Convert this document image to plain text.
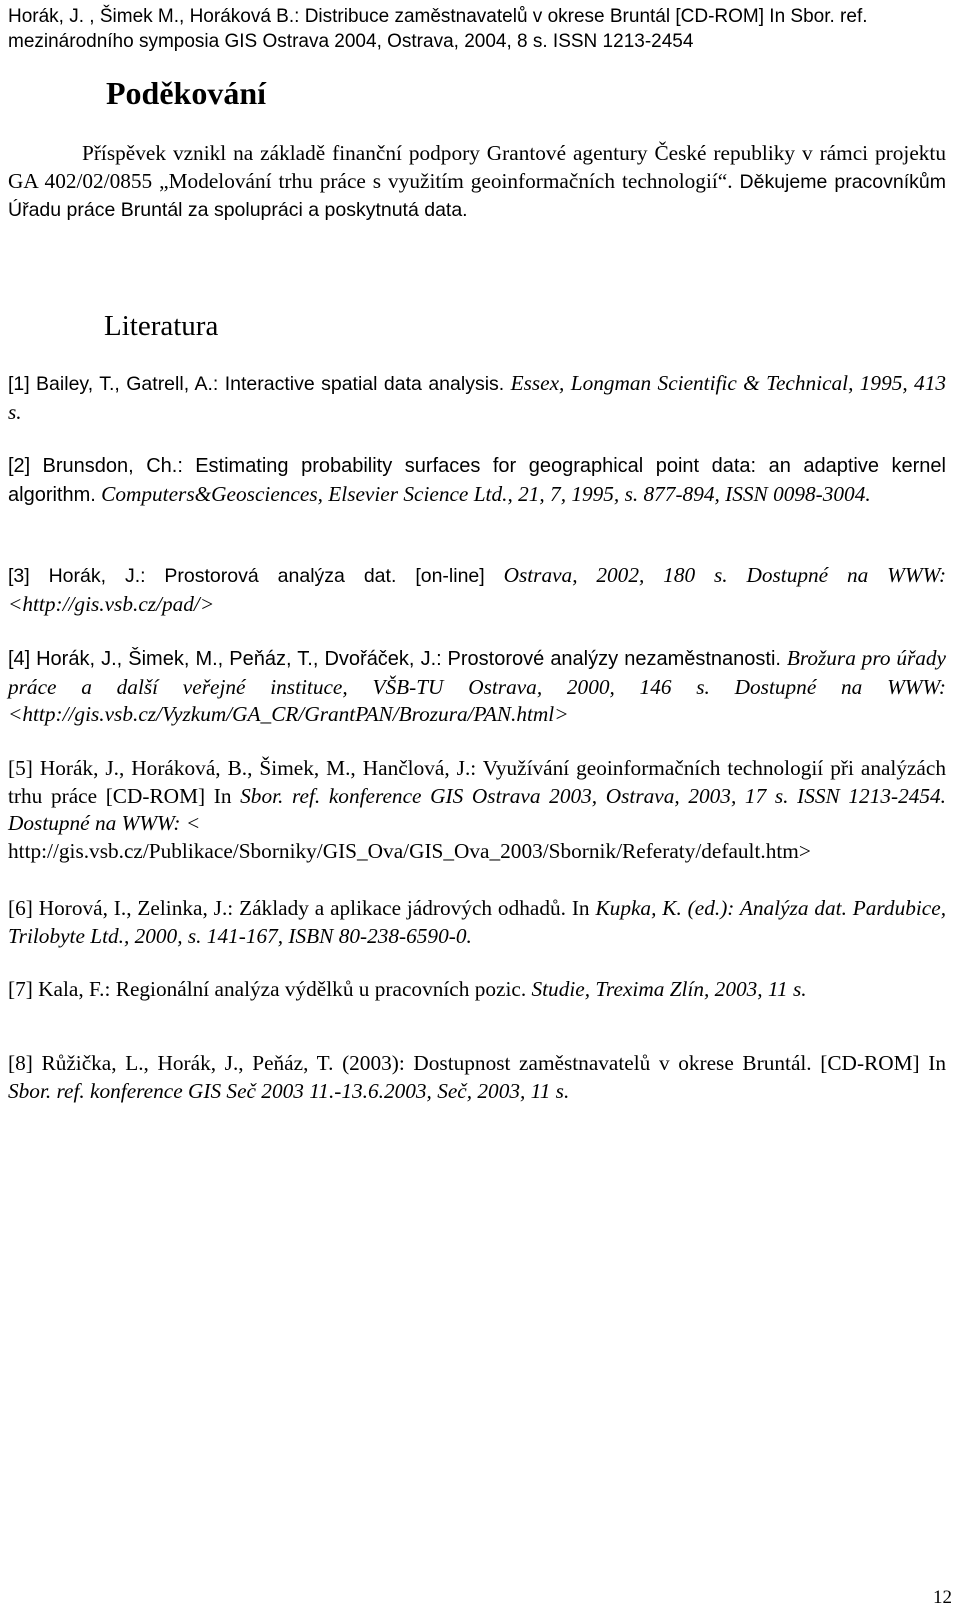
Horák, J. , Šimek M., Horáková B.: Distribuce zaměstnavatelů v okrese Bruntál [CD-ROM] In Sbor. ref.
mezinárodního symposia GIS Ostrava 2004, Ostrava, 2004, 8 s. ISSN 1213-2454
Poděkování
Příspěvek vznikl na základě finanční podpory Grantové agentury České republiky v rámci projektu GA 402/02/0855 „Modelování trhu práce s využitím geoinformačních technologií“. Děkujeme pracovníkům Úřadu práce Bruntál za spolupráci a poskytnutá data.
Literatura
[1] Bailey, T., Gatrell, A.: Interactive spatial data analysis. Essex, Longman Scientific & Technical, 1995, 413 s.
[2] Brunsdon, Ch.: Estimating probability surfaces for geographical point data: an adaptive kernel algorithm. Computers&Geosciences, Elsevier Science Ltd., 21, 7, 1995, s. 877-894, ISSN 0098-3004.
[3] Horák, J.: Prostorová analýza dat. [on-line] Ostrava, 2002, 180 s. Dostupné na WWW: <http://gis.vsb.cz/pad/>
[4] Horák, J., Šimek, M., Peňáz, T., Dvořáček, J.: Prostorové analýzy nezaměstnanosti. Brožura pro úřady práce a další veřejné instituce, VŠB-TU Ostrava, 2000, 146 s. Dostupné na WWW: <http://gis.vsb.cz/Vyzkum/GA_CR/GrantPAN/Brozura/PAN.html>
[5] Horák, J., Horáková, B., Šimek, M., Hančlová, J.: Využívání geoinformačních technologií při analýzách trhu práce [CD-ROM] In Sbor. ref. konference GIS Ostrava 2003, Ostrava, 2003, 17 s. ISSN 1213-2454. Dostupné na WWW: <
http://gis.vsb.cz/Publikace/Sborniky/GIS_Ova/GIS_Ova_2003/Sbornik/Referaty/default.htm>
[6] Horová, I., Zelinka, J.: Základy a aplikace jádrových odhadů. In Kupka, K. (ed.): Analýza dat. Pardubice, Trilobyte Ltd., 2000, s. 141-167, ISBN 80-238-6590-0.
[7] Kala, F.: Regionální analýza výdělků u pracovních pozic. Studie, Trexima Zlín, 2003, 11 s.
[8] Růžička, L., Horák, J., Peňáz, T. (2003): Dostupnost zaměstnavatelů v okrese Bruntál. [CD-ROM] In Sbor. ref. konference GIS Seč 2003 11.-13.6.2003, Seč, 2003, 11 s.
12
